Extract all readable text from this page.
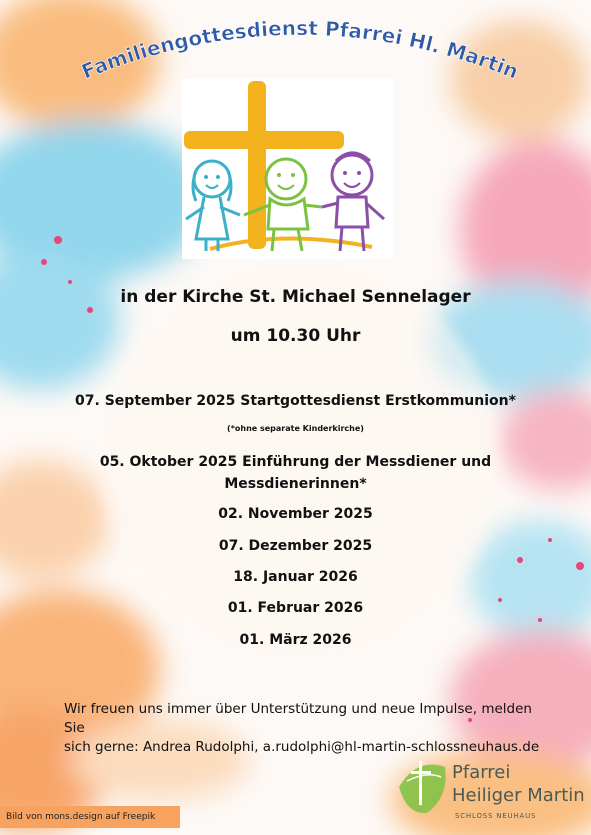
Familiengottesdienst Pfarrei Hl. Martin
in der Kirche St. Michael Sennelager
um 10.30 Uhr
07. September 2025 Startgottesdienst Erstkommunion*
(*ohne separate Kinderkirche)
05. Oktober 2025 Einführung der Messdiener und
Messdienerinnen*
02. November 2025
07. Dezember 2025
18. Januar 2026
01. Februar 2026
01. März 2026
Wir freuen uns immer über Unterstützung und neue Impulse, melden Sie
sich gerne: Andrea Rudolphi, a.rudolphi@hl-martin-schlossneuhaus.de
Bild von mons.design auf Freepik
Pfarrei
Heiliger Martin
SCHLOSS NEUHAUS
